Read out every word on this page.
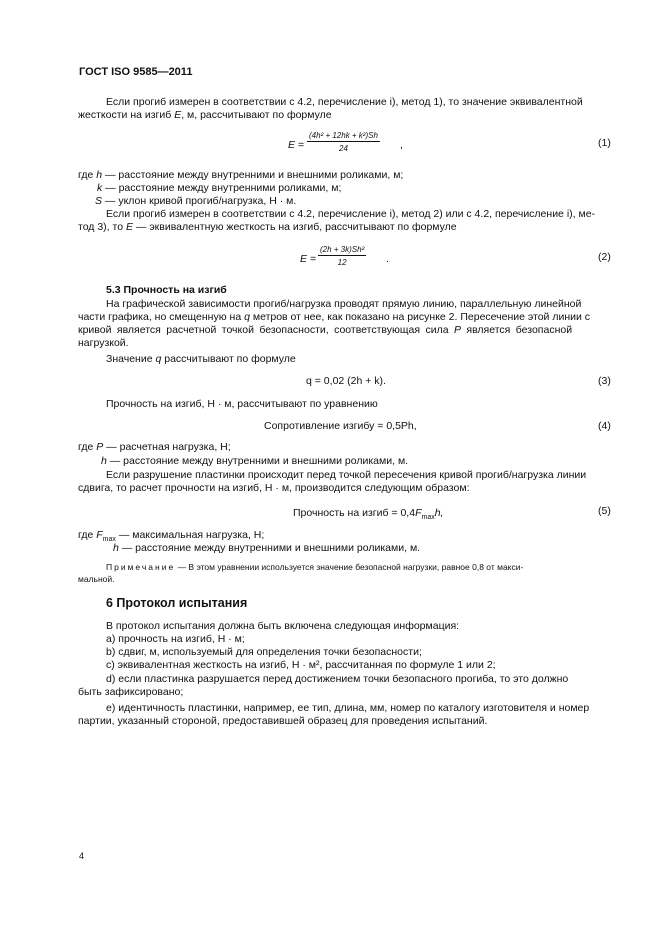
ГОСТ ISO 9585—2011
Если прогиб измерен в соответствии с 4.2, перечисление i), метод 1), то значение эквивалентной
жесткости на изгиб E, м, рассчитывают по формуле
$E = \frac{\text{(4h² + 12hk + k²)Sh}}{24}$ ,	(1)
где h — расстояние между внутренними и внешними роликами, м;
k — расстояние между внутренними роликами, м;
S — уклон кривой прогиб/нагрузка, Н · м.
Если прогиб измерен в соответствии с 4.2, перечисление i), метод 2) или с 4.2, перечисление i), ме-
тод 3), то E — эквивалентную жесткость на изгиб, рассчитывают по формуле
$E = \frac{\text{(2h + 3k)Sh²}}{12}$ .	(2)
5.3 Прочность на изгиб
На графической зависимости прогиб/нагрузка проводят прямую линию, параллельную линейной
части графика, но смещенную на q метров от нее, как показано на рисунке 2. Пересечение этой линии с
кривой является расчетной точкой безопасности, соответствующая сила P является безопасной
нагрузкой.
Значение q рассчитывают по формуле
q = 0,02 (2h + k).	(3)
Прочность на изгиб, Н · м, рассчитывают по уравнению
Сопротивление изгибу = 0,5Ph,	(4)
где P — расчетная нагрузка, Н;
h — расстояние между внутренними и внешними роликами, м.
Если разрушение пластинки происходит перед точкой пересечения кривой прогиб/нагрузка линии
сдвига, то расчет прочности на изгиб, Н · м, производится следующим образом:
Прочность на изгиб = $0,4F_{max}h$,	(5)
где $F_{max}$ — максимальная нагрузка, Н;
h — расстояние между внутренними и внешними роликами, м.
Примечание — В этом уравнении используется значение безопасной нагрузки, равное 0,8 от макси-
мальной.
6 Протокол испытания
В протокол испытания должна быть включена следующая информация:
a) прочность на изгиб, Н · м;
b) сдвиг, м, используемый для определения точки безопасности;
c) эквивалентная жесткость на изгиб, Н · м², рассчитанная по формуле 1 или 2;
d) если пластинка разрушается перед достижением точки безопасного прогиба, то это должно
быть зафиксировано;
e) идентичность пластинки, например, ее тип, длина, мм, номер по каталогу изготовителя и номер
партии, указанный стороной, предоставившей образец для проведения испытаний.
4
